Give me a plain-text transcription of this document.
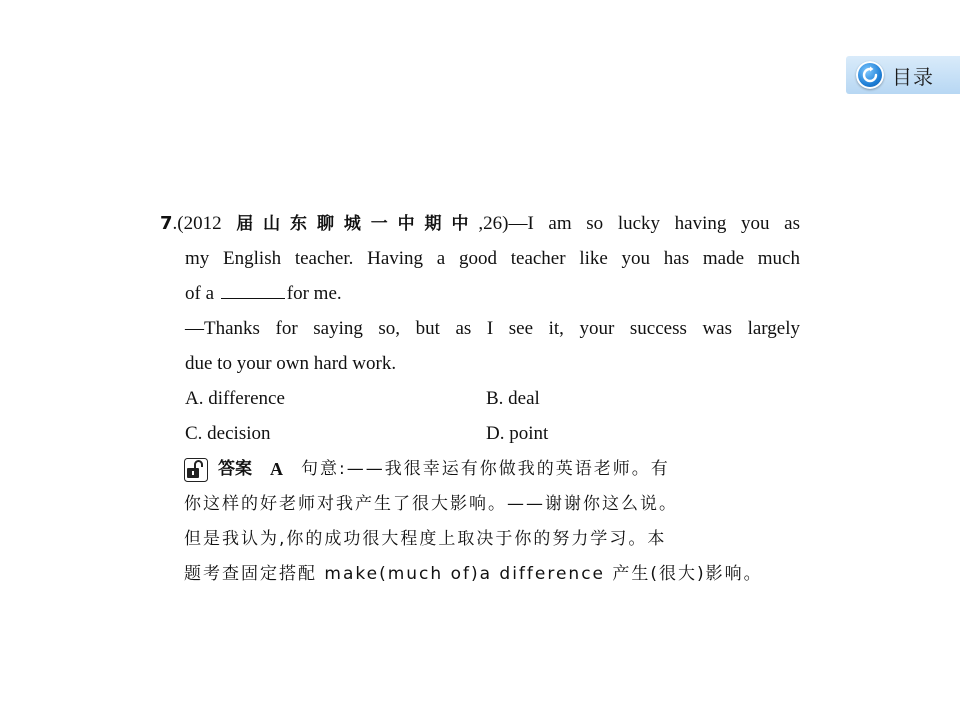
目录
7.(2012 届山东聊城一中期中,26)—I am so lucky having you as
my English teacher. Having a good teacher like you has made much
of a	for me.
—Thanks for saying so, but as I see it, your success was largely
due to your own hard work.
A. difference	B. deal
C. decision	D. point
答案 A 句意:——我很幸运有你做我的英语老师。有
你这样的好老师对我产生了很大影响。——谢谢你这么说。
但是我认为,你的成功很大程度上取决于你的努力学习。本
题考查固定搭配 make(much of)a difference 产生(很大)影响。
